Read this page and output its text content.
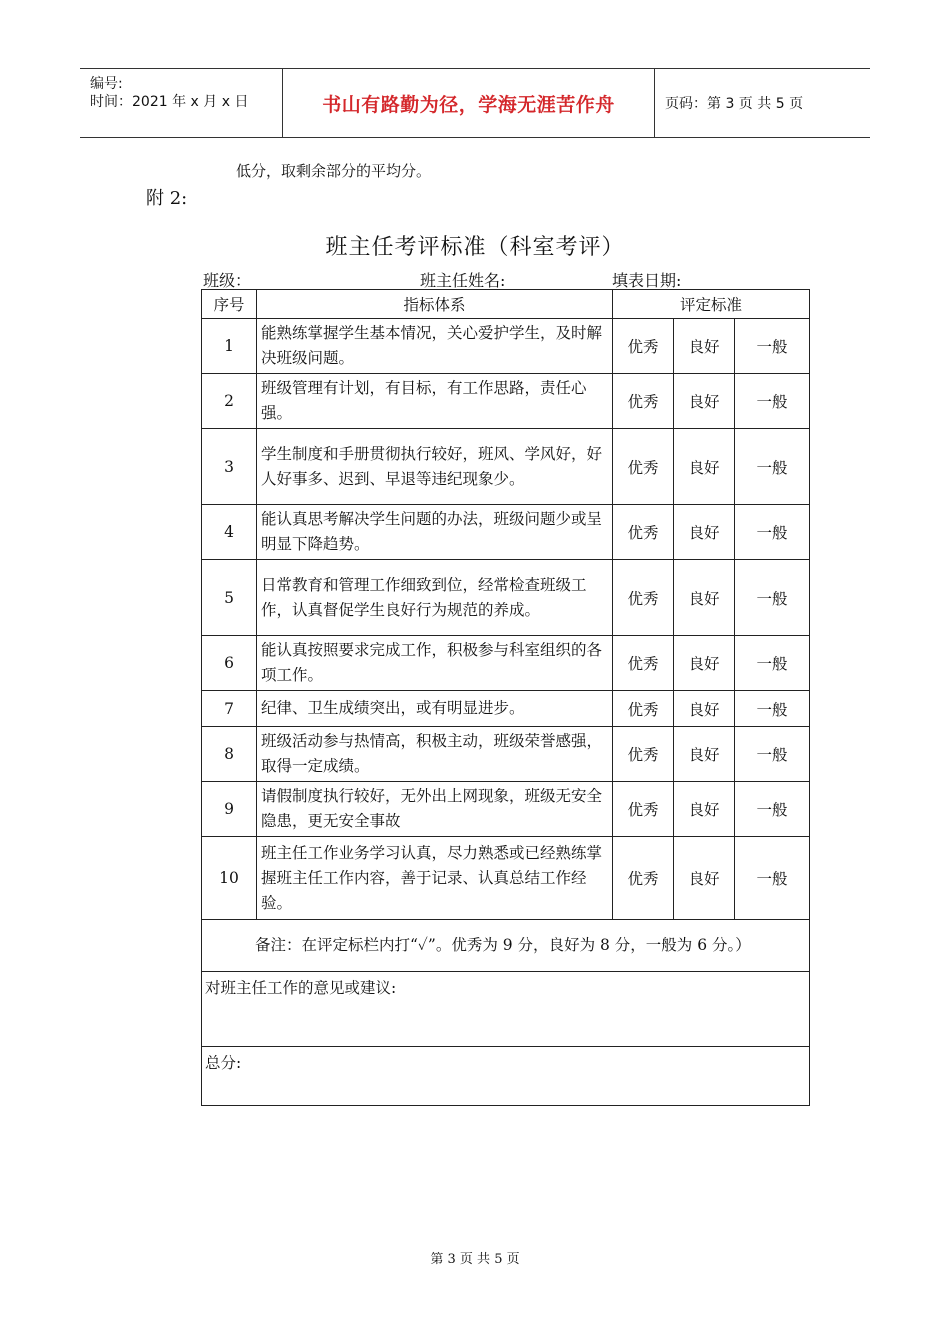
编号:
时间：2021 年 x 月 x 日	书山有路勤为径，学海无涯苦作舟	页码：第 3 页 共 5 页
低分，取剩余部分的平均分。
附 2:
班主任考评标准（科室考评）
班级：	班主任姓名:	填表日期:
序号	指标体系	评定标准		
1	能熟练掌握学生基本情况，关心爱护学生，及时解决班级问题。	优秀	良好	一般
2	班级管理有计划，有目标，有工作思路，责任心强。	优秀	良好	一般
3	学生制度和手册贯彻执行较好，班风、学风好，好人好事多、迟到、早退等违纪现象少。	优秀	良好	一般
4	能认真思考解决学生问题的办法，班级问题少或呈明显下降趋势。	优秀	良好	一般
5	日常教育和管理工作细致到位，经常检查班级工作，认真督促学生良好行为规范的养成。	优秀	良好	一般
6	能认真按照要求完成工作，积极参与科室组织的各项工作。	优秀	良好	一般
7	纪律、卫生成绩突出，或有明显进步。	优秀	良好	一般
8	班级活动参与热情高，积极主动，班级荣誉感强，取得一定成绩。	优秀	良好	一般
9	请假制度执行较好，无外出上网现象，班级无安全隐患，更无安全事故	优秀	良好	一般
10	班主任工作业务学习认真，尽力熟悉或已经熟练掌握班主任工作内容，善于记录、认真总结工作经验。	优秀	良好	一般
备注：在评定标栏内打“✓”。优秀为 9 分，良好为 8 分，一般为 6 分。）				
对班主任工作的意见或建议:				
总分:				
第 3 页 共 5 页
